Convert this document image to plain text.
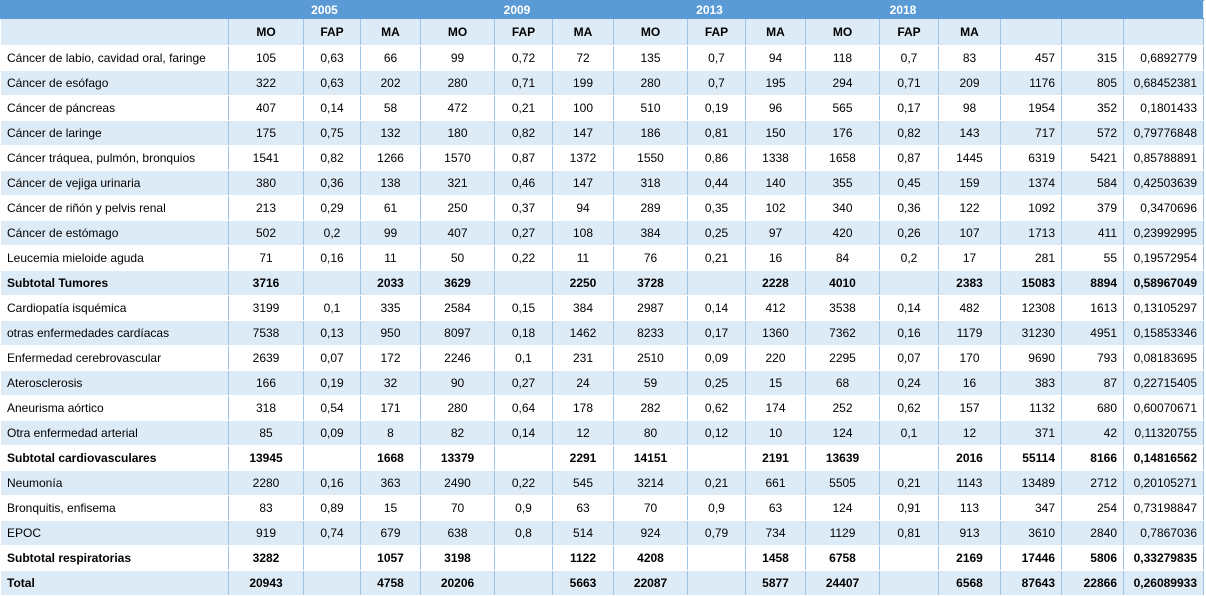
	2005			2009			2013			2018					
	MO	FAP	MA	MO	FAP	MA	MO	FAP	MA	MO	FAP	MA			
Cáncer de labio, cavidad oral, faringe	105	0,63	66	99	0,72	72	135	0,7	94	118	0,7	83	457	315	0,6892779
Cáncer de esófago	322	0,63	202	280	0,71	199	280	0,7	195	294	0,71	209	1176	805	0,68452381
Cáncer de páncreas	407	0,14	58	472	0,21	100	510	0,19	96	565	0,17	98	1954	352	0,1801433
Cáncer de laringe	175	0,75	132	180	0,82	147	186	0,81	150	176	0,82	143	717	572	0,79776848
Cáncer tráquea, pulmón, bronquios	1541	0,82	1266	1570	0,87	1372	1550	0,86	1338	1658	0,87	1445	6319	5421	0,85788891
Cáncer de vejiga urinaria	380	0,36	138	321	0,46	147	318	0,44	140	355	0,45	159	1374	584	0,42503639
Cáncer de riñón y pelvis renal	213	0,29	61	250	0,37	94	289	0,35	102	340	0,36	122	1092	379	0,3470696
Cáncer de estómago	502	0,2	99	407	0,27	108	384	0,25	97	420	0,26	107	1713	411	0,23992995
Leucemia mieloide aguda	71	0,16	11	50	0,22	11	76	0,21	16	84	0,2	17	281	55	0,19572954
Subtotal Tumores	3716		2033	3629		2250	3728		2228	4010		2383	15083	8894	0,58967049
Cardiopatía isquémica	3199	0,1	335	2584	0,15	384	2987	0,14	412	3538	0,14	482	12308	1613	0,13105297
otras enfermedades cardíacas	7538	0,13	950	8097	0,18	1462	8233	0,17	1360	7362	0,16	1179	31230	4951	0,15853346
Enfermedad cerebrovascular	2639	0,07	172	2246	0,1	231	2510	0,09	220	2295	0,07	170	9690	793	0,08183695
Aterosclerosis	166	0,19	32	90	0,27	24	59	0,25	15	68	0,24	16	383	87	0,22715405
Aneurisma aórtico	318	0,54	171	280	0,64	178	282	0,62	174	252	0,62	157	1132	680	0,60070671
Otra enfermedad arterial	85	0,09	8	82	0,14	12	80	0,12	10	124	0,1	12	371	42	0,11320755
Subtotal cardiovasculares	13945		1668	13379		2291	14151		2191	13639		2016	55114	8166	0,14816562
Neumonía	2280	0,16	363	2490	0,22	545	3214	0,21	661	5505	0,21	1143	13489	2712	0,20105271
Bronquitis, enfisema	83	0,89	15	70	0,9	63	70	0,9	63	124	0,91	113	347	254	0,73198847
EPOC	919	0,74	679	638	0,8	514	924	0,79	734	1129	0,81	913	3610	2840	0,7867036
Subtotal respiratorias	3282		1057	3198		1122	4208		1458	6758		2169	17446	5806	0,33279835
Total	20943		4758	20206		5663	22087		5877	24407		6568	87643	22866	0,26089933
